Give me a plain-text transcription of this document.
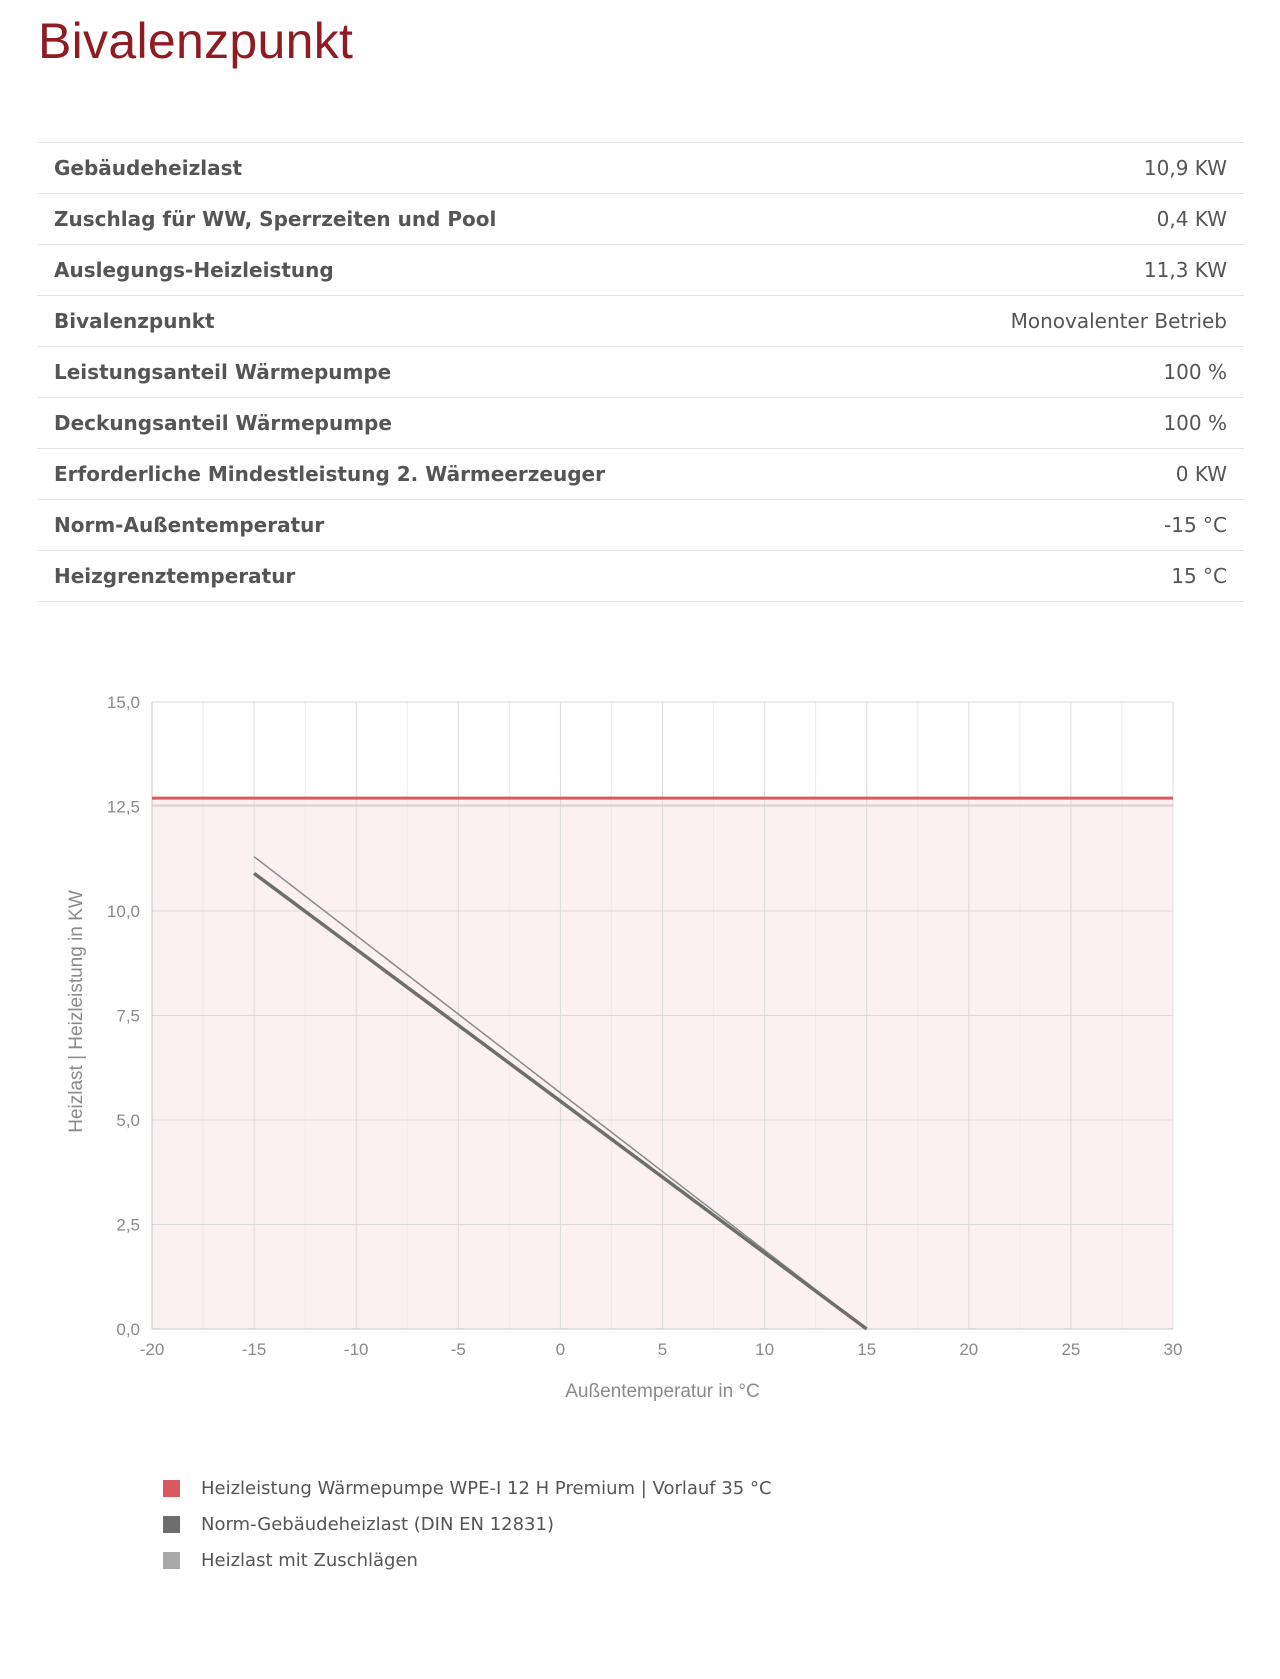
Bivalenzpunkt
Gebäudeheizlast	10,9 KW
Zuschlag für WW, Sperrzeiten und Pool	0,4 KW
Auslegungs-Heizleistung	11,3 KW
Bivalenzpunkt	Monovalenter Betrieb
Leistungsanteil Wärmepumpe	100 %
Deckungsanteil Wärmepumpe	100 %
Erforderliche Mindestleistung 2. Wärmeerzeuger	0 KW
Norm-Außentemperatur	-15 °C
Heizgrenztemperatur	15 °C
0,0
2,5
5,0
7,5
10,0
12,5
15,0
-20	-15	-10	-5	0	5	10	15	20	25	30
Außentemperatur in °C
Heizlast | Heizleistung in KW
Heizleistung Wärmepumpe WPE-I 12 H Premium | Vorlauf 35 °C
Norm-Gebäudeheizlast (DIN EN 12831)
Heizlast mit Zuschlägen
